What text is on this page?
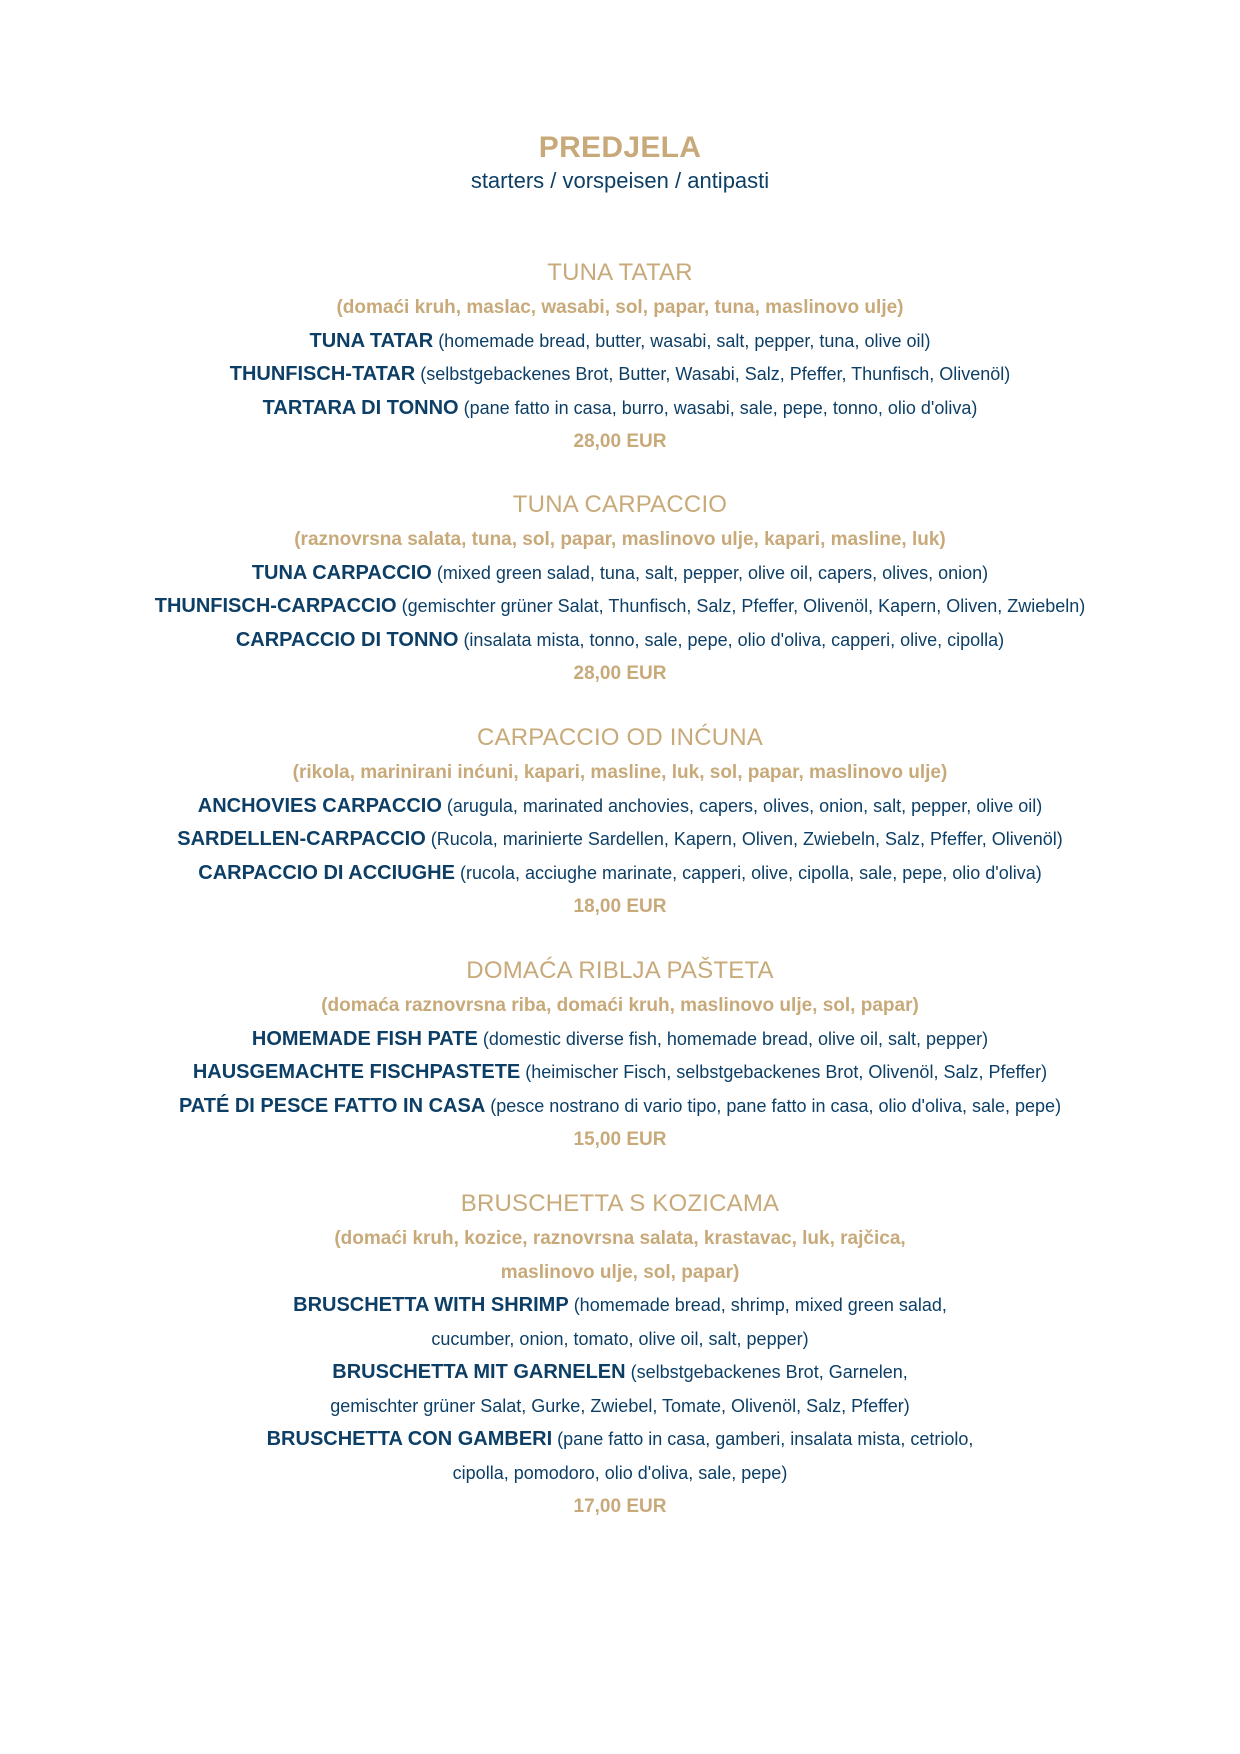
PREDJELA
starters / vorspeisen / antipasti
TUNA TATAR
(domaći kruh, maslac, wasabi, sol, papar, tuna, maslinovo ulje)
TUNA TATAR (homemade bread, butter, wasabi, salt, pepper, tuna, olive oil)
THUNFISCH-TATAR (selbstgebackenes Brot, Butter, Wasabi, Salz, Pfeffer, Thunfisch, Olivenöl)
TARTARA DI TONNO (pane fatto in casa, burro, wasabi, sale, pepe, tonno, olio d'oliva)
28,00 EUR
TUNA CARPACCIO
(raznovrsna salata, tuna, sol, papar, maslinovo ulje, kapari, masline, luk)
TUNA CARPACCIO (mixed green salad, tuna, salt, pepper, olive oil, capers, olives, onion)
THUNFISCH-CARPACCIO (gemischter grüner Salat, Thunfisch, Salz, Pfeffer, Olivenöl, Kapern, Oliven, Zwiebeln)
CARPACCIO DI TONNO (insalata mista, tonno, sale, pepe, olio d'oliva, capperi, olive, cipolla)
28,00 EUR
CARPACCIO OD INĆUNA
(rikola, marinirani inćuni, kapari, masline, luk, sol, papar, maslinovo ulje)
ANCHOVIES CARPACCIO (arugula, marinated anchovies, capers, olives, onion, salt, pepper, olive oil)
SARDELLEN-CARPACCIO (Rucola, marinierte Sardellen, Kapern, Oliven, Zwiebeln, Salz, Pfeffer, Olivenöl)
CARPACCIO DI ACCIUGHE (rucola, acciughe marinate, capperi, olive, cipolla, sale, pepe, olio d'oliva)
18,00 EUR
DOMAĆA RIBLJA PAŠTETA
(domaća raznovrsna riba, domaći kruh, maslinovo ulje, sol, papar)
HOMEMADE FISH PATE (domestic diverse fish, homemade bread, olive oil, salt, pepper)
HAUSGEMACHTE FISCHPASTETE (heimischer Fisch, selbstgebackenes Brot, Olivenöl, Salz, Pfeffer)
PATÉ DI PESCE FATTO IN CASA (pesce nostrano di vario tipo, pane fatto in casa, olio d'oliva, sale, pepe)
15,00 EUR
BRUSCHETTA S KOZICAMA
(domaći kruh, kozice, raznovrsna salata, krastavac, luk, rajčica,
maslinovo ulje, sol, papar)
BRUSCHETTA WITH SHRIMP (homemade bread, shrimp, mixed green salad,
cucumber, onion, tomato, olive oil, salt, pepper)
BRUSCHETTA MIT GARNELEN (selbstgebackenes Brot, Garnelen,
gemischter grüner Salat, Gurke, Zwiebel, Tomate, Olivenöl, Salz, Pfeffer)
BRUSCHETTA CON GAMBERI (pane fatto in casa, gamberi, insalata mista, cetriolo,
cipolla, pomodoro, olio d'oliva, sale, pepe)
17,00 EUR
